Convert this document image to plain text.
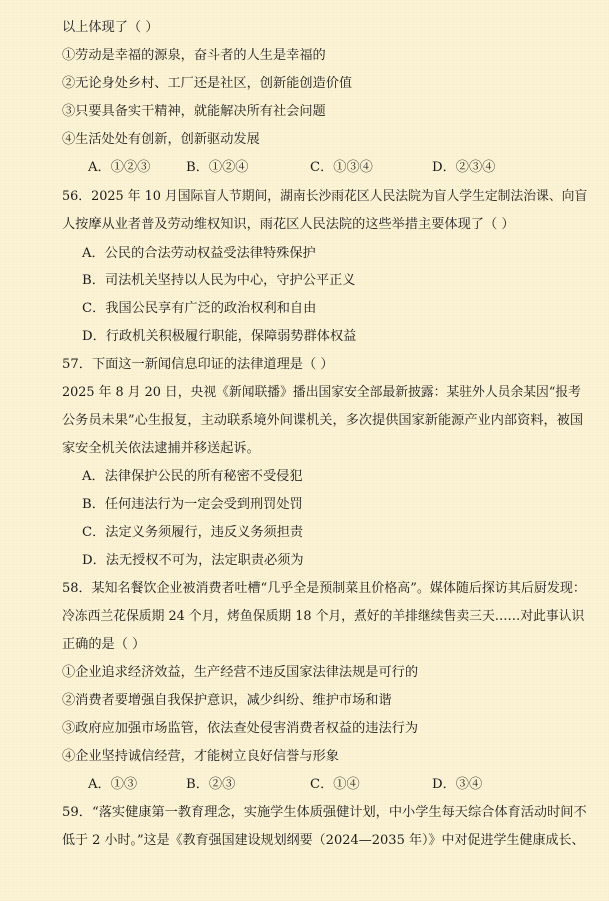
以上体现了（ ）
①劳动是幸福的源泉，奋斗者的人生是幸福的
②无论身处乡村、工厂还是社区，创新能创造价值
③只要具备实干精神，就能解决所有社会问题
④生活处处有创新，创新驱动发展
A．①②③	B．①②④	C．①③④	D．②③④
56．2025 年 10 月国际盲人节期间，湖南长沙雨花区人民法院为盲人学生定制法治课、向盲
人按摩从业者普及劳动维权知识，雨花区人民法院的这些举措主要体现了（ ）
A．公民的合法劳动权益受法律特殊保护
B．司法机关坚持以人民为中心，守护公平正义
C．我国公民享有广泛的政治权利和自由
D．行政机关积极履行职能，保障弱势群体权益
57．下面这一新闻信息印证的法律道理是（ ）
2025 年 8 月 20 日，央视《新闻联播》播出国家安全部最新披露：某驻外人员余某因“报考
公务员未果”心生报复，主动联系境外间谍机关，多次提供国家新能源产业内部资料，被国
家安全机关依法逮捕并移送起诉。
A．法律保护公民的所有秘密不受侵犯
B．任何违法行为一定会受到刑罚处罚
C．法定义务须履行，违反义务须担责
D．法无授权不可为，法定职责必须为
58．某知名餐饮企业被消费者吐槽“几乎全是预制菜且价格高”。媒体随后探访其后厨发现：
冷冻西兰花保质期 24 个月，烤鱼保质期 18 个月，煮好的羊排继续售卖三天……对此事认识
正确的是（ ）
①企业追求经济效益，生产经营不违反国家法律法规是可行的
②消费者要增强自我保护意识，减少纠纷、维护市场和谐
③政府应加强市场监管，依法查处侵害消费者权益的违法行为
④企业坚持诚信经营，才能树立良好信誉与形象
A．①③	B．②③	C．①④	D．③④
59．“落实健康第一教育理念，实施学生体质强健计划，中小学生每天综合体育活动时间不
低于 2 小时。”这是《教育强国建设规划纲要（2024—2035 年）》中对促进学生健康成长、
